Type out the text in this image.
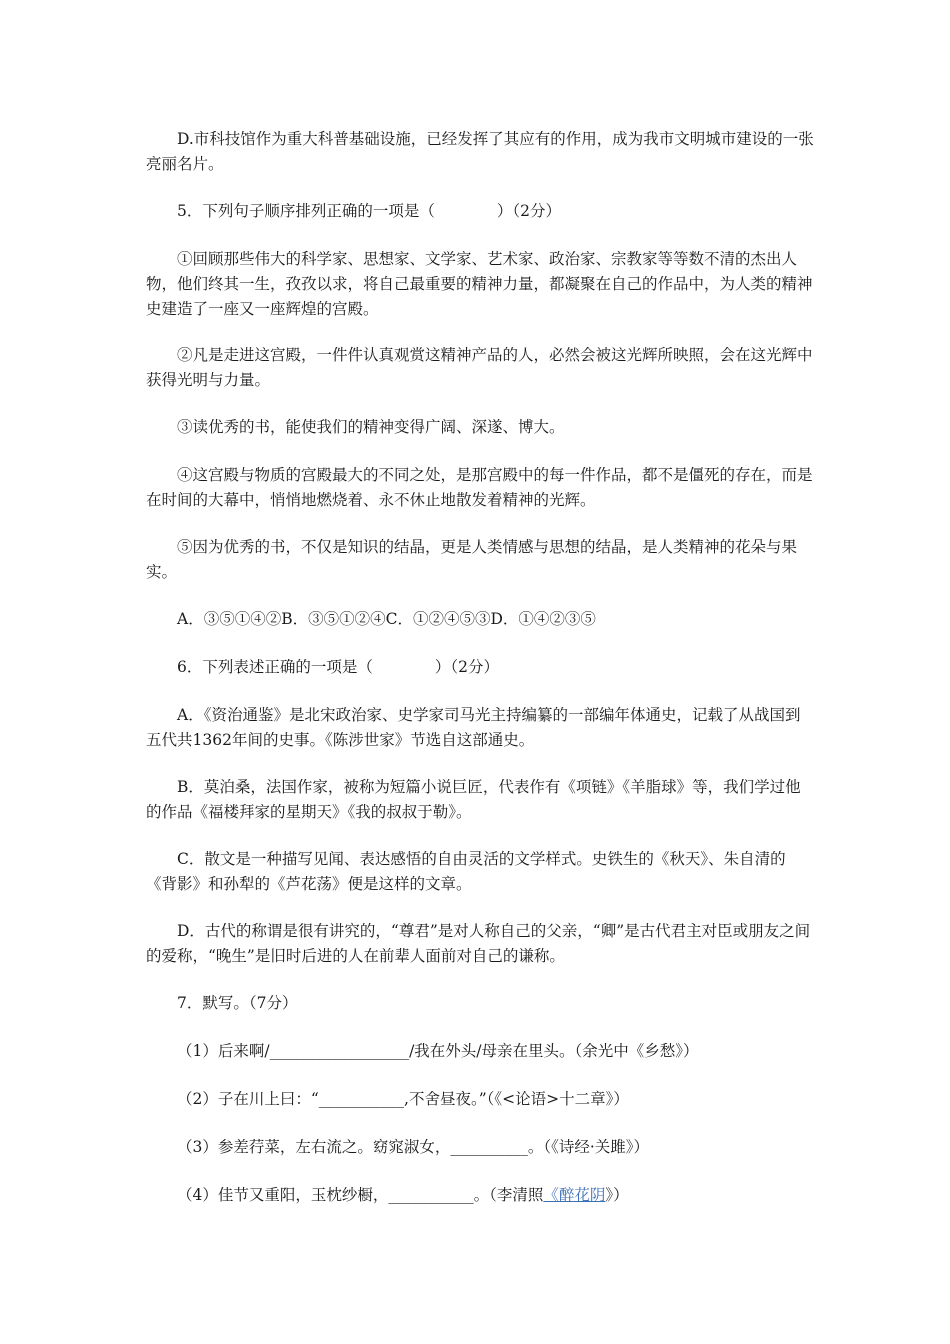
D.市科技馆作为重大科普基础设施，已经发挥了其应有的作用，成为我市文明城市建设的一张亮丽名片。

5．下列句子顺序排列正确的一项是（　　　　）（2分）

①回顾那些伟大的科学家、思想家、文学家、艺术家、政治家、宗教家等等数不清的杰出人物，他们终其一生，孜孜以求，将自己最重要的精神力量，都凝聚在自己的作品中，为人类的精神史建造了一座又一座辉煌的宫殿。

②凡是走进这宫殿，一件件认真观赏这精神产品的人，必然会被这光辉所映照，会在这光辉中获得光明与力量。

③读优秀的书，能使我们的精神变得广阔、深遂、博大。

④这宫殿与物质的宫殿最大的不同之处，是那宫殿中的每一件作品，都不是僵死的存在，而是在时间的大幕中，悄悄地燃烧着、永不休止地散发着精神的光辉。

⑤因为优秀的书，不仅是知识的结晶，更是人类情感与思想的结晶，是人类精神的花朵与果实。

A．③⑤①④②B．③⑤①②④C．①②④⑤③D．①④②③⑤

6．下列表述正确的一项是（　　　　）（2分）

A．《资治通鉴》是北宋政治家、史学家司马光主持编纂的一部编年体通史，记载了从战国到五代共1362年间的史事。《陈涉世家》节选自这部通史。

B．莫泊桑，法国作家，被称为短篇小说巨匠，代表作有《项链》《羊脂球》等，我们学过他的作品《福楼拜家的星期天》《我的叔叔于勒》。

C．散文是一种描写见闻、表达感悟的自由灵活的文学样式。史铁生的《秋天》、朱自清的《背影》和孙犁的《芦花荡》便是这样的文章。

D．古代的称谓是很有讲究的，“尊君”是对人称自己的父亲，“卿”是古代君主对臣或朋友之间的爱称，“晚生”是旧时后进的人在前辈人面前对自己的谦称。

7．默写。（7分）

（1）后来啊/__________________/我在外头/母亲在里头。（余光中《乡愁》）

（2）子在川上曰：“___________,不舍昼夜。”（《<论语>十二章》）

（3）参差荇菜，左右流之。窈窕淑女，__________。（《诗经·关雎》）

（4）佳节又重阳，玉枕纱橱，___________。（李清照《醉花阴》）
